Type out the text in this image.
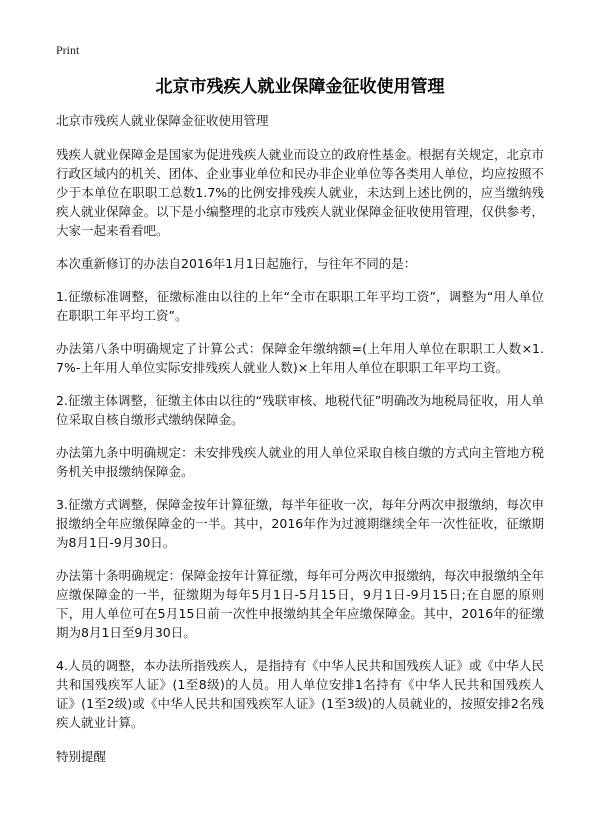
Print
北京市残疾人就业保障金征收使用管理
北京市残疾人就业保障金征收使用管理
残疾人就业保障金是国家为促进残疾人就业而设立的政府性基金。根据有关规定，北京市行政区域内的机关、团体、企业事业单位和民办非企业单位等各类用人单位，均应按照不少于本单位在职职工总数1.7%的比例安排残疾人就业，未达到上述比例的，应当缴纳残疾人就业保障金。以下是小编整理的北京市残疾人就业保障金征收使用管理，仅供参考，大家一起来看看吧。
本次重新修订的办法自2016年1月1日起施行，与往年不同的是：
1.征缴标准调整，征缴标准由以往的上年“全市在职职工年平均工资”，调整为“用人单位在职职工年平均工资”。
办法第八条中明确规定了计算公式：保障金年缴纳额=(上年用人单位在职职工人数×1.7%-上年用人单位实际安排残疾人就业人数)×上年用人单位在职职工年平均工资。
2.征缴主体调整，征缴主体由以往的“残联审核、地税代征”明确改为地税局征收，用人单位采取自核自缴形式缴纳保障金。
办法第九条中明确规定：未安排残疾人就业的用人单位采取自核自缴的方式向主管地方税务机关申报缴纳保障金。
3.征缴方式调整，保障金按年计算征缴，每半年征收一次，每年分两次申报缴纳，每次申报缴纳全年应缴保障金的一半。其中，2016年作为过渡期继续全年一次性征收，征缴期为8月1日-9月30日。
办法第十条明确规定：保障金按年计算征缴，每年可分两次申报缴纳，每次申报缴纳全年应缴保障金的一半，征缴期为每年5月1日-5月15日，9月1日-9月15日;在自愿的原则下，用人单位可在5月15日前一次性申报缴纳其全年应缴保障金。其中，2016年的征缴期为8月1日至9月30日。
4.人员的调整，本办法所指残疾人，是指持有《中华人民共和国残疾人证》或《中华人民共和国残疾军人证》(1至8级)的人员。用人单位安排1名持有《中华人民共和国残疾人证》(1至2级)或《中华人民共和国残疾军人证》(1至3级)的人员就业的，按照安排2名残疾人就业计算。
特别提醒
